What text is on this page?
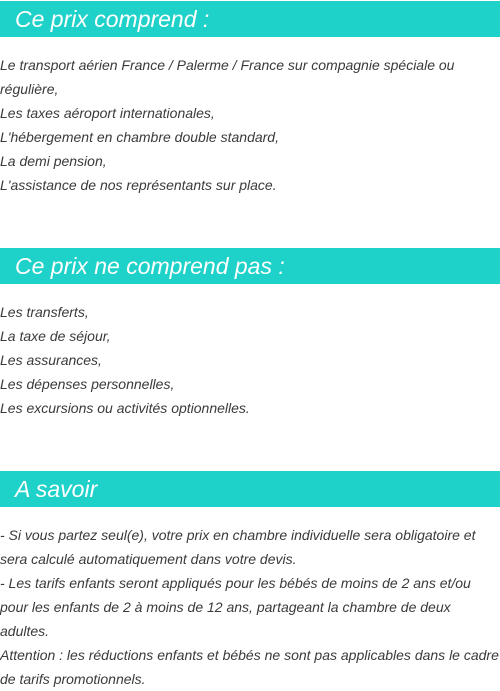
Ce prix comprend :
Le transport aérien France / Palerme / France sur compagnie spéciale ou régulière,
Les taxes aéroport internationales,
L'hébergement en chambre double standard,
La demi pension,
L'assistance de nos représentants sur place.
Ce prix ne comprend pas :
Les transferts,
La taxe de séjour,
Les assurances,
Les dépenses personnelles,
Les excursions ou activités optionnelles.
A savoir
- Si vous partez seul(e), votre prix en chambre individuelle sera obligatoire et sera calculé automatiquement dans votre devis.
- Les tarifs enfants seront appliqués pour les bébés de moins de 2 ans et/ou pour les enfants de 2 à moins de 12 ans, partageant la chambre de deux adultes.
Attention : les réductions enfants et bébés ne sont pas applicables dans le cadre de tarifs promotionnels.
